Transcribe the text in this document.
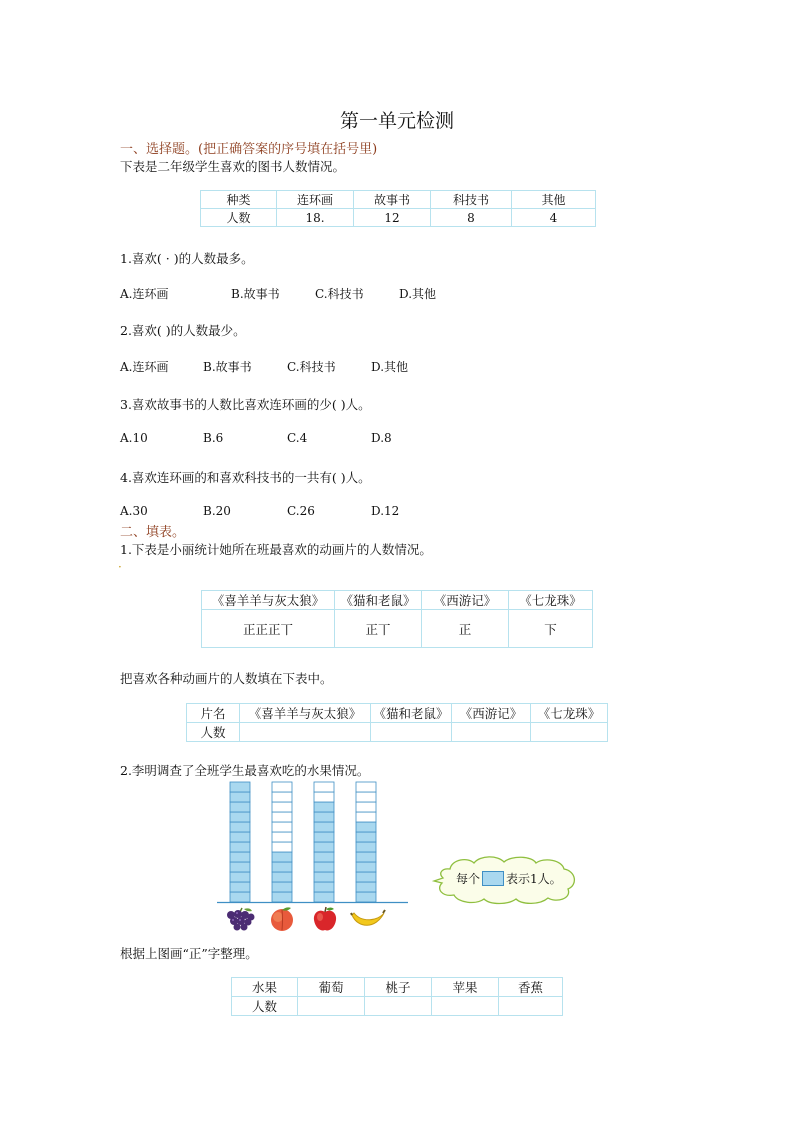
第一单元检测
一、选择题。(把正确答案的序号填在括号里)
下表是二年级学生喜欢的图书人数情况。
种类	连环画	故事书	科技书	其他
人数	18.	12	8	4
1.喜欢( · )的人数最多。
A.连环画	B.故事书	C.科技书	D.其他
2.喜欢( )的人数最少。
A.连环画	B.故事书	C.科技书	D.其他
3.喜欢故事书的人数比喜欢连环画的少( )人。
A.10	B.6	C.4	D.8
4.喜欢连环画的和喜欢科技书的一共有( )人。
A.30	B.20	C.26	D.12
二、填表。
1.下表是小丽统计她所在班最喜欢的动画片的人数情况。
·
《喜羊羊与灰太狼》	《猫和老鼠》	《西游记》	《七龙珠》
正正正丅	正丅	正	下
把喜欢各种动画片的人数填在下表中。
片名	《喜羊羊与灰太狼》	《猫和老鼠》	《西游记》	《七龙珠》
人数				
2.李明调查了全班学生最喜欢吃的水果情况。
每个 表示1人。
根据上图画“正”字整理。
水果	葡萄	桃子	苹果	香蕉
人数				
